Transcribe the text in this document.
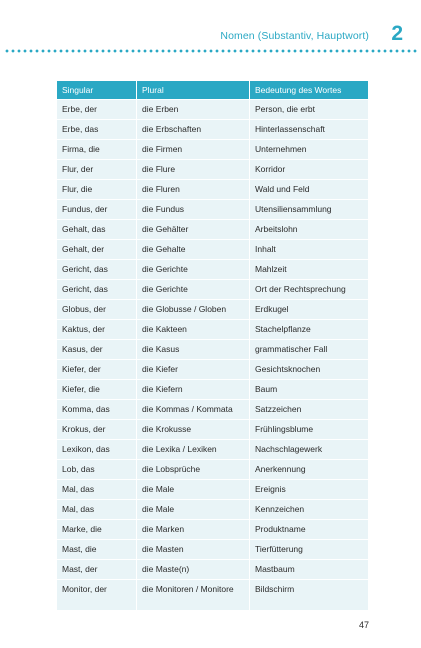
Nomen (Substantiv, Hauptwort) 2
Singular	Plural	Bedeutung des Wortes
Erbe, der	die Erben	Person, die erbt
Erbe, das	die Erbschaften	Hinterlassenschaft
Firma, die	die Firmen	Unternehmen
Flur, der	die Flure	Korridor
Flur, die	die Fluren	Wald und Feld
Fundus, der	die Fundus	Utensiliensammlung
Gehalt, das	die Gehälter	Arbeitslohn
Gehalt, der	die Gehalte	Inhalt
Gericht, das	die Gerichte	Mahlzeit
Gericht, das	die Gerichte	Ort der Rechtsprechung
Globus, der	die Globusse / Globen	Erdkugel
Kaktus, der	die Kakteen	Stachelpflanze
Kasus, der	die Kasus	grammatischer Fall
Kiefer, der	die Kiefer	Gesichtsknochen
Kiefer, die	die Kiefern	Baum
Komma, das	die Kommas / Kommata	Satzzeichen
Krokus, der	die Krokusse	Frühlingsblume
Lexikon, das	die Lexika / Lexiken	Nachschlagewerk
Lob, das	die Lobsprüche	Anerkennung
Mal, das	die Male	Ereignis
Mal, das	die Male	Kennzeichen
Marke, die	die Marken	Produktname
Mast, die	die Masten	Tierfütterung
Mast, der	die Maste(n)	Mastbaum
Monitor, der	die Monitoren / Monitore	Bildschirm
47
